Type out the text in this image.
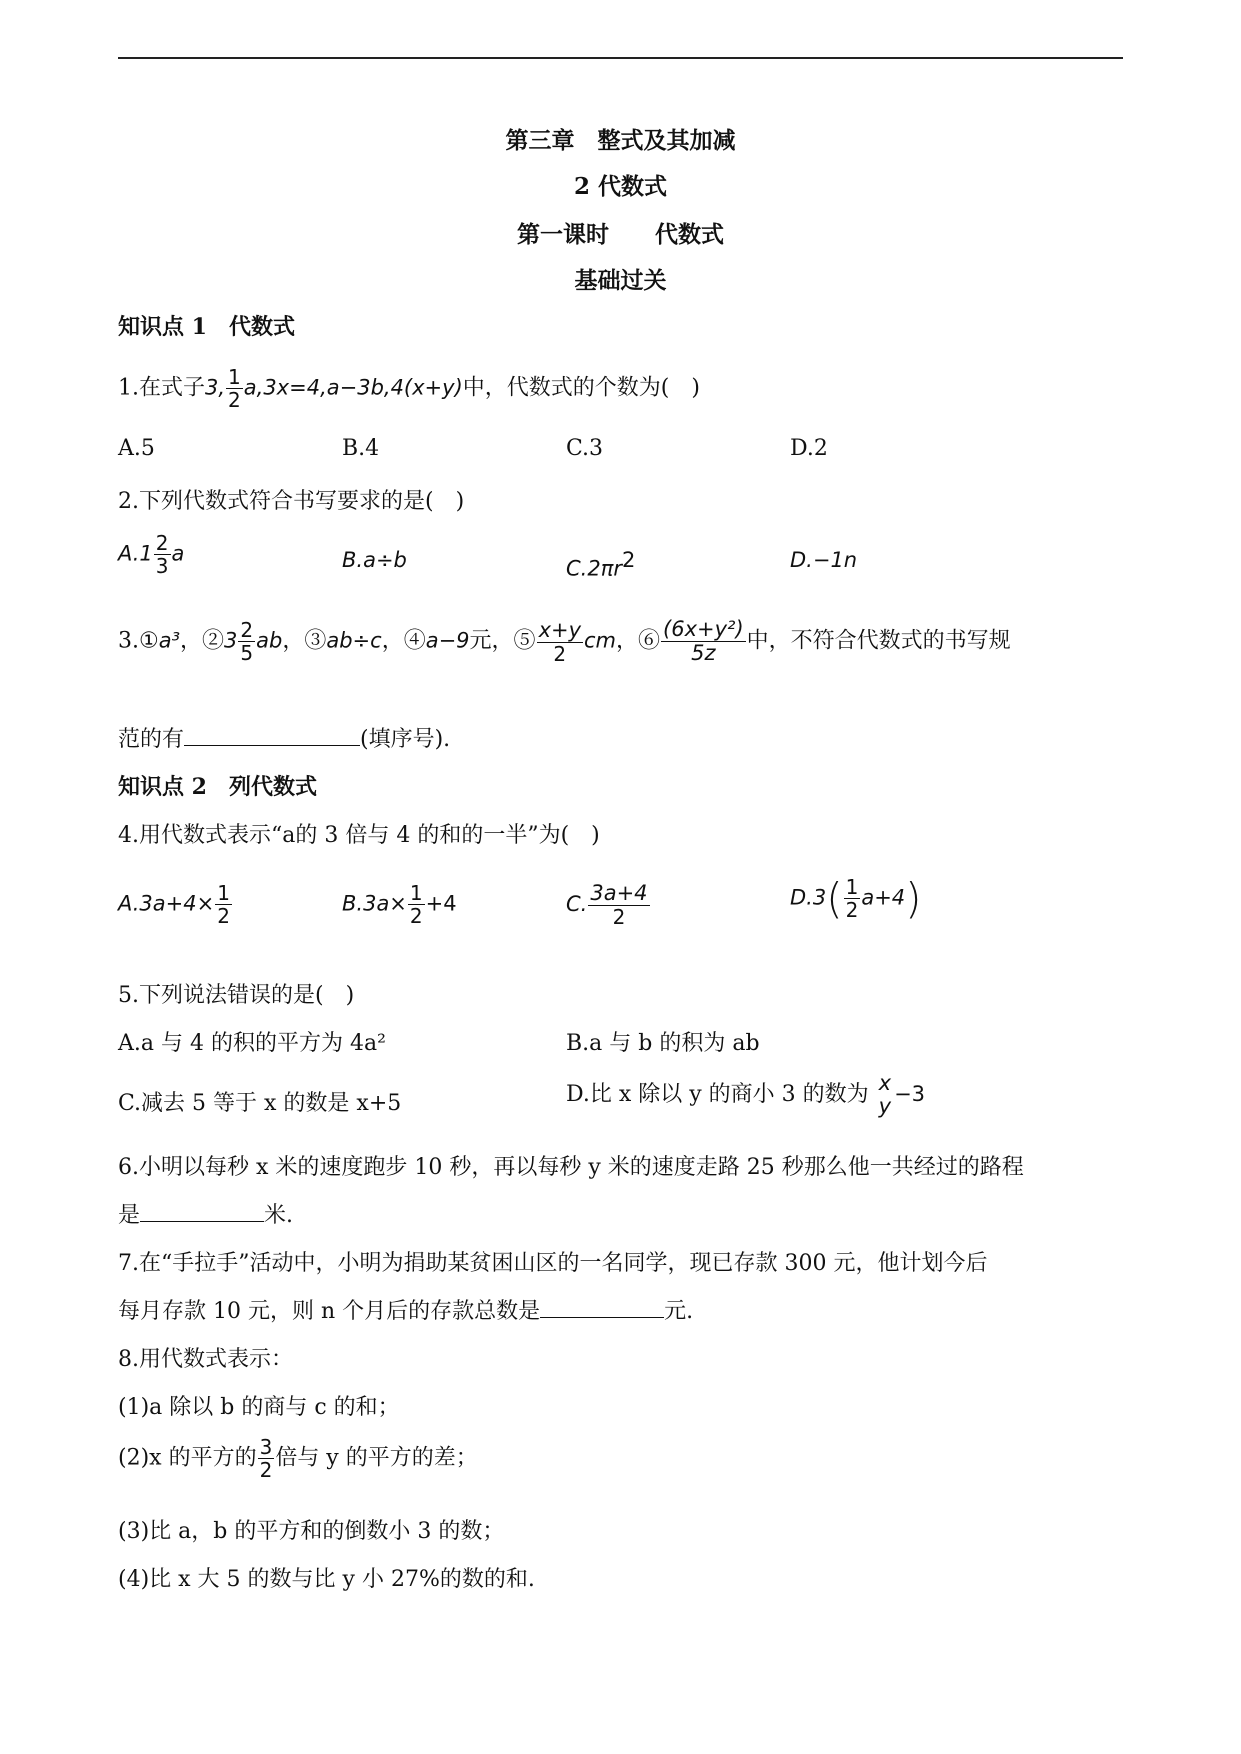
第三章　整式及其加减
2 代数式
第一课时　　代数式
基础过关
知识点 1　代数式
1.在式子3, $\frac{1}{2} a,3x=4,a-3b,4(x+y)$中，代数式的个数为(　)
A.5	B.4	C.3	D.2
2.下列代数式符合书写要求的是(　)
$A.1 \frac{2}{3}$ a	B.a÷b	$C.2\pi r^2$	D.−1n
3.①a³，②3 $\frac{2}{5}$ ab，③ab÷c，④a−9元，⑤ $\frac{x+y}{2}$ cm，⑥ $\frac{\text{(6x+y²)}}{5z}$ 中，不符合代数式的书写规
范的有	(填序号).
知识点 2　列代数式
4.用代数式表示“a的 3 倍与 4 的和的一半”为(　)
$A.3a+4\times \frac{1}{2}$	$B.3a\times \frac{1}{2} +4$	C. $\frac{3a+4}{2}$	$D.3( \frac{1}{2} a+4)$
5.下列说法错误的是(　)
A.a 与 4 的积的平方为 4a²	B.a 与 b 的积为 ab
C.减去 5 等于 x 的数是 x+5	D.比 x 除以 y 的商小 3 的数为 x
y −3
6.小明以每秒 x 米的速度跑步 10 秒，再以每秒 y 米的速度走路 25 秒那么他一共经过的路程
是	米.
7.在“手拉手”活动中，小明为捐助某贫困山区的一名同学，现已存款 300 元，他计划今后
每月存款 10 元，则 n 个月后的存款总数是	元.
8.用代数式表示：
(1)a 除以 b 的商与 c 的和；
(2)x 的平方的 $\frac{3}{2}$ 倍与 y 的平方的差；
(3)比 a，b 的平方和的倒数小 3 的数；
(4)比 x 大 5 的数与比 y 小 27%的数的和.
